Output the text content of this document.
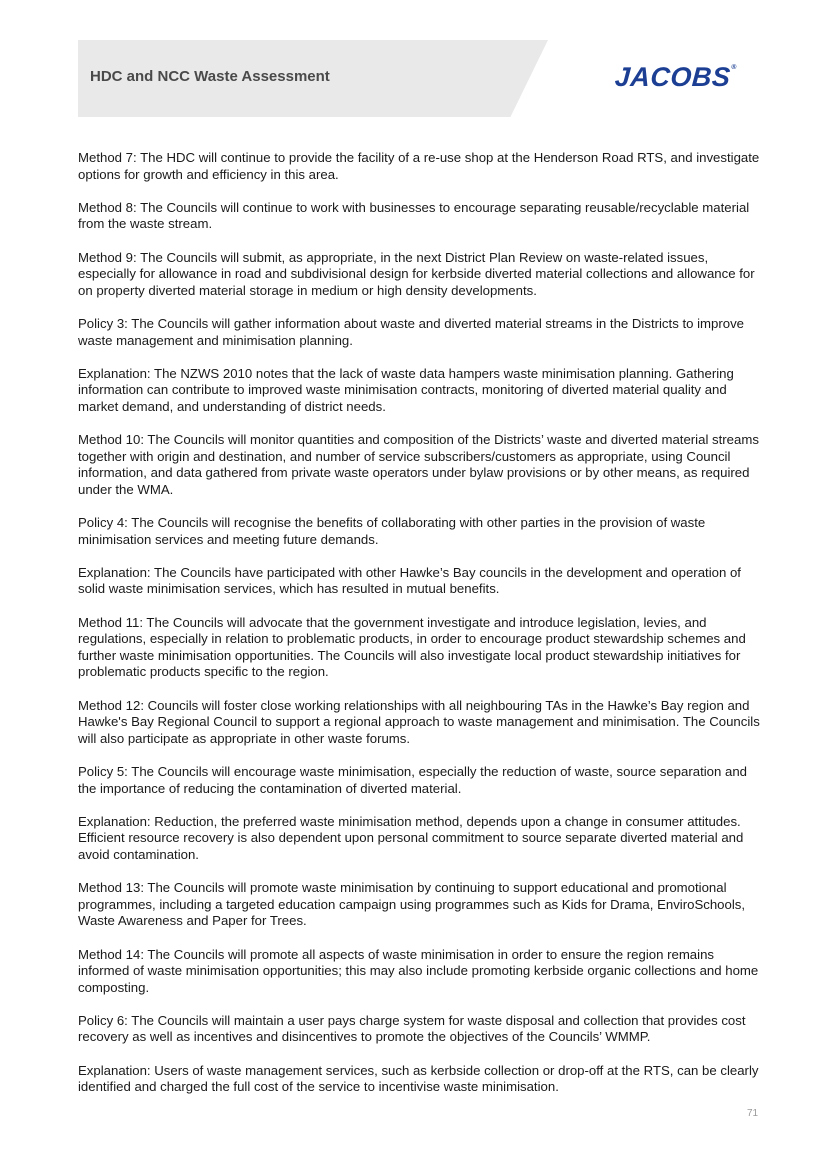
HDC and NCC Waste Assessment	JACOBS®

Method 7: The HDC will continue to provide the facility of a re-use shop at the Henderson Road RTS, and investigate options for growth and efficiency in this area.

Method 8: The Councils will continue to work with businesses to encourage separating reusable/recyclable material from the waste stream.

Method 9: The Councils will submit, as appropriate, in the next District Plan Review on waste-related issues, especially for allowance in road and subdivisional design for kerbside diverted material collections and allowance for on property diverted material storage in medium or high density developments.

Policy 3: The Councils will gather information about waste and diverted material streams in the Districts to improve waste management and minimisation planning.

Explanation: The NZWS 2010 notes that the lack of waste data hampers waste minimisation planning. Gathering information can contribute to improved waste minimisation contracts, monitoring of diverted material quality and market demand, and understanding of district needs.

Method 10: The Councils will monitor quantities and composition of the Districts’ waste and diverted material streams together with origin and destination, and number of service subscribers/customers as appropriate, using Council information, and data gathered from private waste operators under bylaw provisions or by other means, as required under the WMA.

Policy 4: The Councils will recognise the benefits of collaborating with other parties in the provision of waste minimisation services and meeting future demands.

Explanation: The Councils have participated with other Hawke’s Bay councils in the development and operation of solid waste minimisation services, which has resulted in mutual benefits.

Method 11: The Councils will advocate that the government investigate and introduce legislation, levies, and regulations, especially in relation to problematic products, in order to encourage product stewardship schemes and further waste minimisation opportunities. The Councils will also investigate local product stewardship initiatives for problematic products specific to the region.

Method 12: Councils will foster close working relationships with all neighbouring TAs in the Hawke’s Bay region and Hawke's Bay Regional Council to support a regional approach to waste management and minimisation. The Councils will also participate as appropriate in other waste forums.

Policy 5: The Councils will encourage waste minimisation, especially the reduction of waste, source separation and the importance of reducing the contamination of diverted material.

Explanation: Reduction, the preferred waste minimisation method, depends upon a change in consumer attitudes. Efficient resource recovery is also dependent upon personal commitment to source separate diverted material and avoid contamination.

Method 13: The Councils will promote waste minimisation by continuing to support educational and promotional programmes, including a targeted education campaign using programmes such as Kids for Drama, EnviroSchools, Waste Awareness and Paper for Trees.

Method 14: The Councils will promote all aspects of waste minimisation in order to ensure the region remains informed of waste minimisation opportunities; this may also include promoting kerbside organic collections and home composting.

Policy 6: The Councils will maintain a user pays charge system for waste disposal and collection that provides cost recovery as well as incentives and disincentives to promote the objectives of the Councils’ WMMP.

Explanation: Users of waste management services, such as kerbside collection or drop-off at the RTS, can be clearly identified and charged the full cost of the service to incentivise waste minimisation.

71
